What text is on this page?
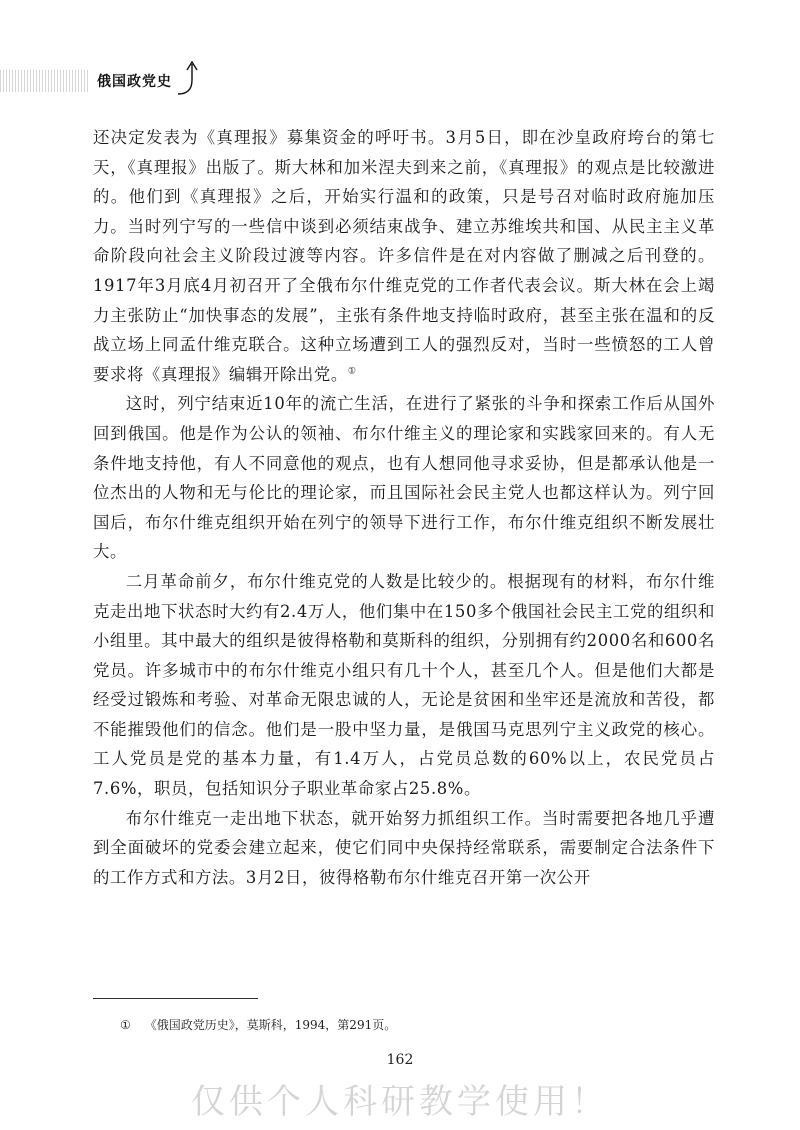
俄国政党史

还决定发表为《真理报》募集资金的呼吁书。3月5日，即在沙皇政府垮台的第七天，《真理报》出版了。斯大林和加米涅夫到来之前，《真理报》的观点是比较激进的。他们到《真理报》之后，开始实行温和的政策，只是号召对临时政府施加压力。当时列宁写的一些信中谈到必须结束战争、建立苏维埃共和国、从民主主义革命阶段向社会主义阶段过渡等内容。许多信件是在对内容做了删减之后刊登的。1917年3月底4月初召开了全俄布尔什维克党的工作者代表会议。斯大林在会上竭力主张防止“加快事态的发展”，主张有条件地支持临时政府，甚至主张在温和的反战立场上同孟什维克联合。这种立场遭到工人的强烈反对，当时一些愤怒的工人曾要求将《真理报》编辑开除出党。①

这时，列宁结束近10年的流亡生活，在进行了紧张的斗争和探索工作后从国外回到俄国。他是作为公认的领袖、布尔什维主义的理论家和实践家回来的。有人无条件地支持他，有人不同意他的观点，也有人想同他寻求妥协，但是都承认他是一位杰出的人物和无与伦比的理论家，而且国际社会民主党人也都这样认为。列宁回国后，布尔什维克组织开始在列宁的领导下进行工作，布尔什维克组织不断发展壮大。

二月革命前夕，布尔什维克党的人数是比较少的。根据现有的材料，布尔什维克走出地下状态时大约有2.4万人，他们集中在150多个俄国社会民主工党的组织和小组里。其中最大的组织是彼得格勒和莫斯科的组织，分别拥有约2000名和600名党员。许多城市中的布尔什维克小组只有几十个人，甚至几个人。但是他们大都是经受过锻炼和考验、对革命无限忠诚的人，无论是贫困和坐牢还是流放和苦役，都不能摧毁他们的信念。他们是一股中坚力量，是俄国马克思列宁主义政党的核心。工人党员是党的基本力量，有1.4万人，占党员总数的60%以上，农民党员占7.6%，职员，包括知识分子职业革命家占25.8%。

布尔什维克一走出地下状态，就开始努力抓组织工作。当时需要把各地几乎遭到全面破坏的党委会建立起来，使它们同中央保持经常联系，需要制定合法条件下的工作方式和方法。3月2日，彼得格勒布尔什维克召开第一次公开

① 《俄国政党历史》，莫斯科，1994，第291页。
162
仅供个人科研教学使用！
